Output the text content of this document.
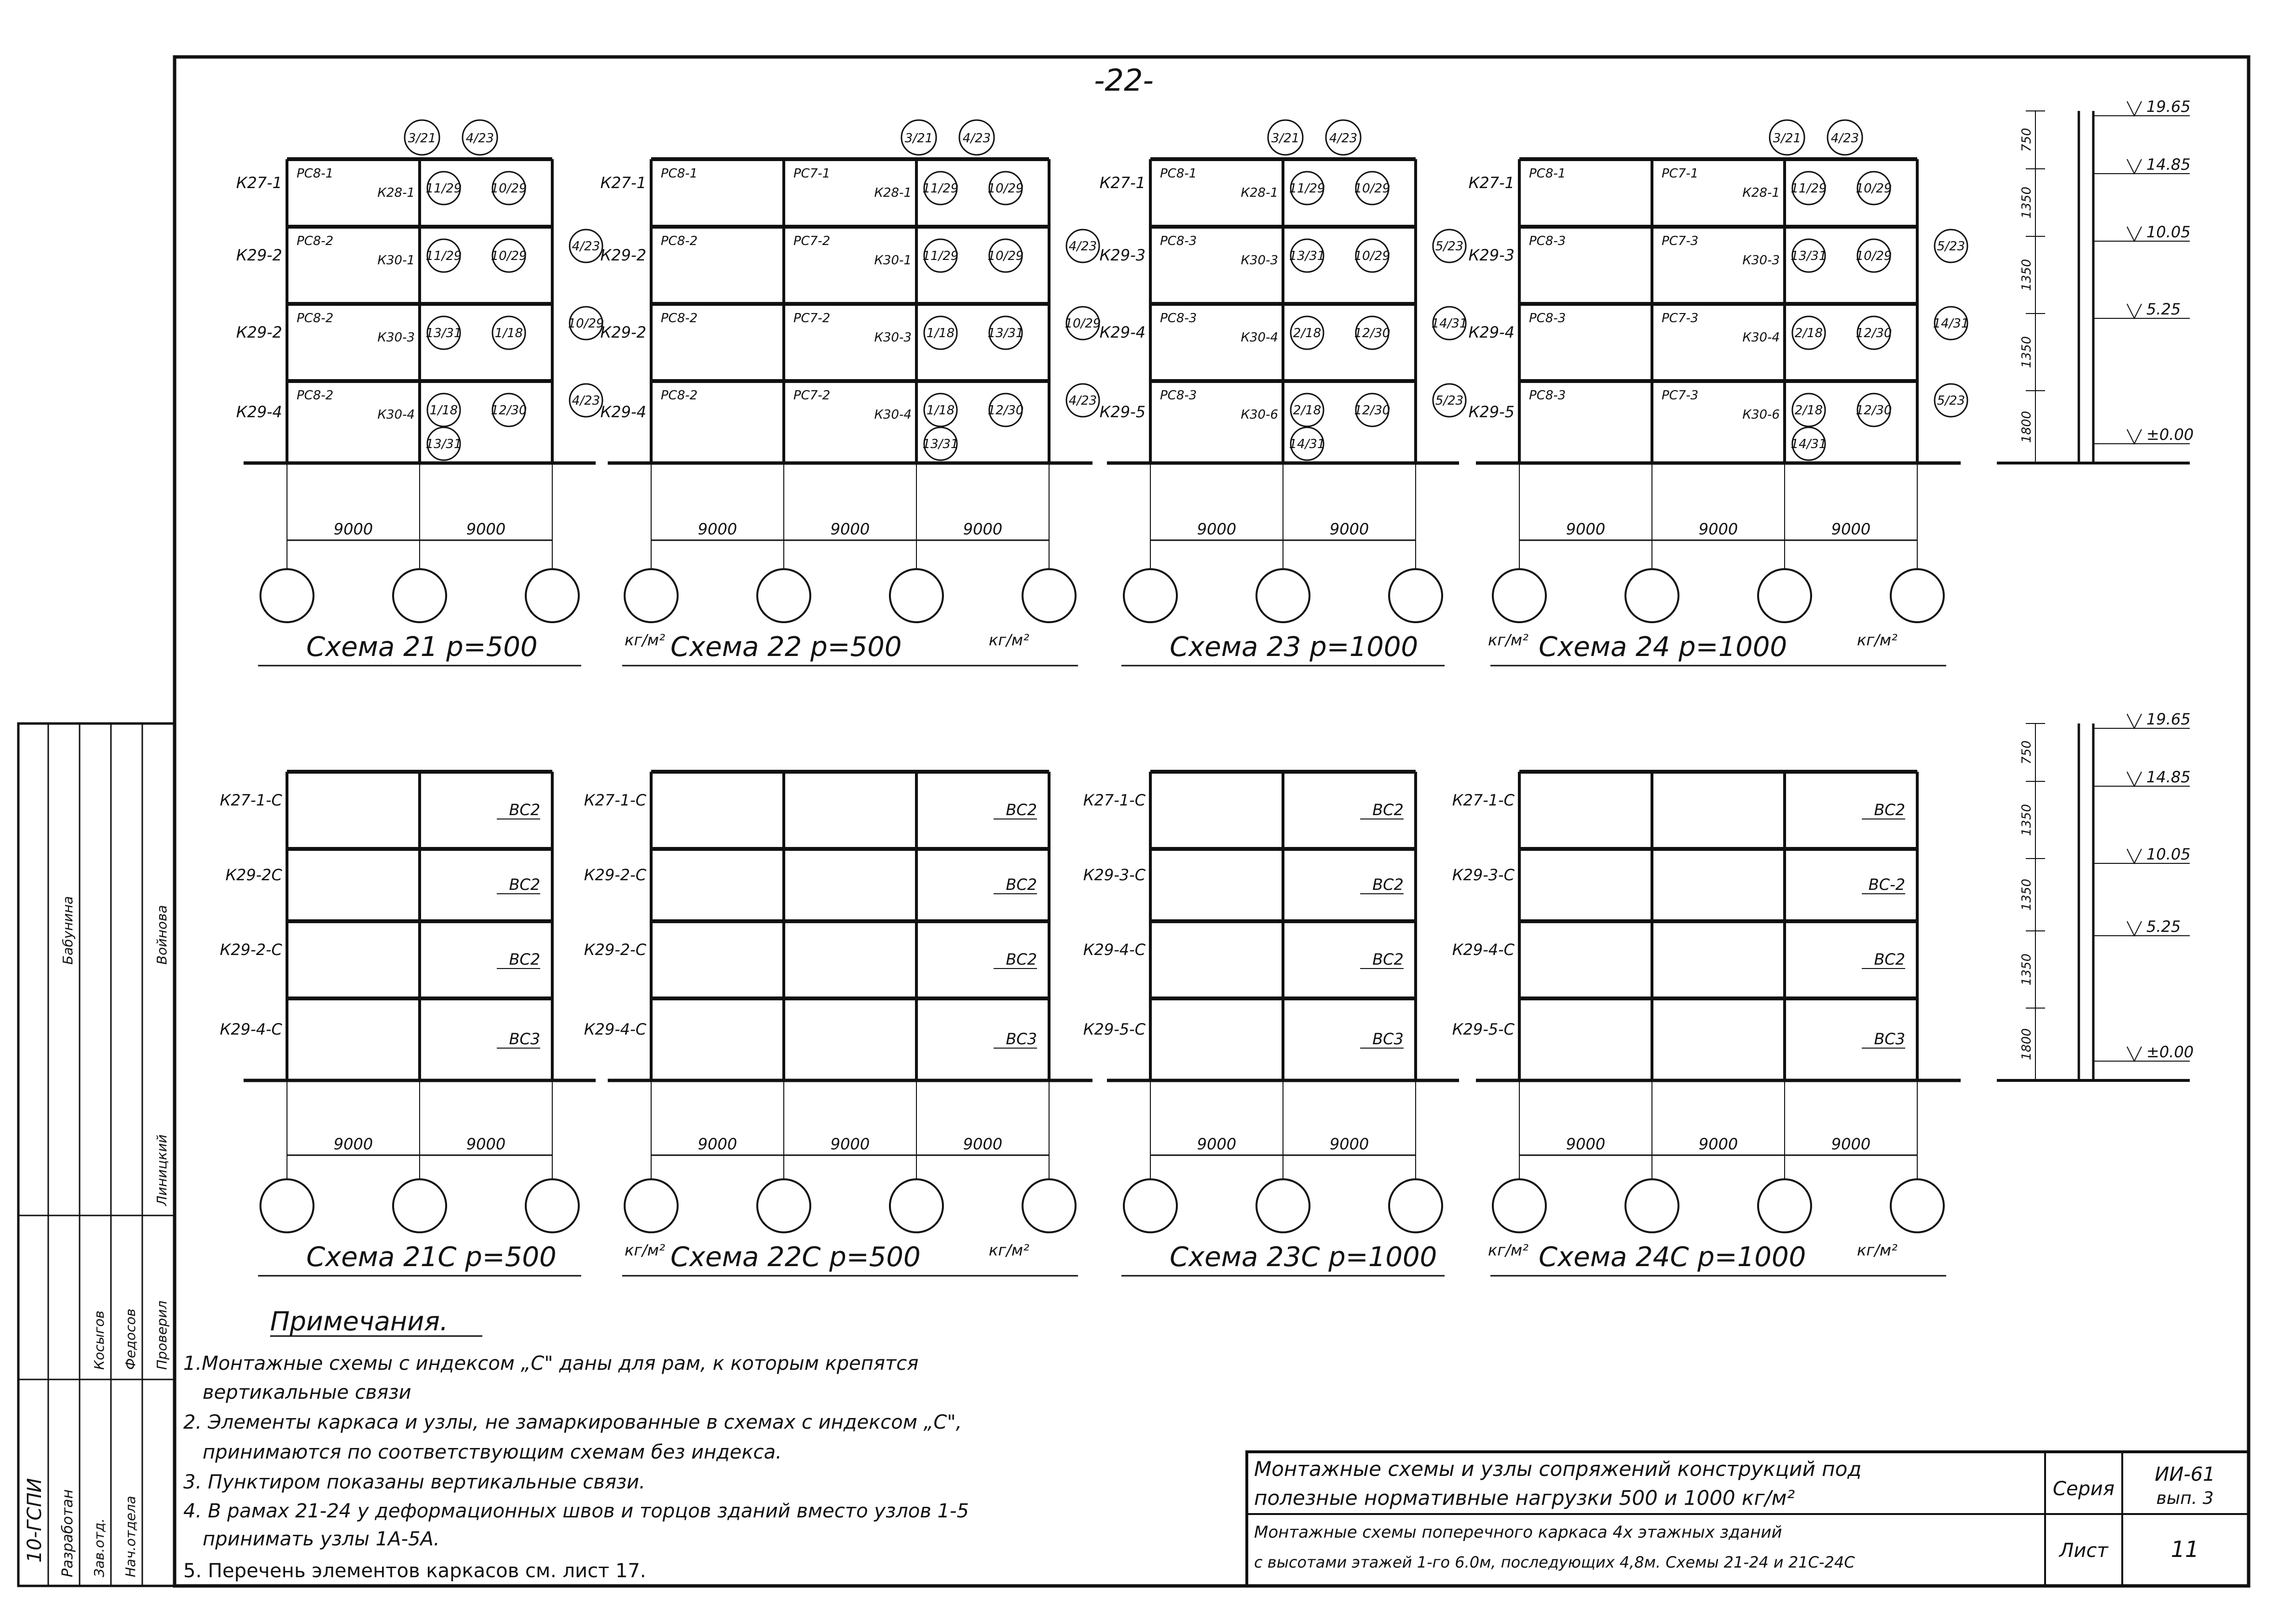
-22-
9000	9000
К27-1
К29-2
К29-2
К29-4
РС8-1
К28-1
РС8-2
К30-1
РС8-2
К30-3
РС8-2
К30-4
3/21 4/23
11/29 10/29
11/29 10/29
4/23
13/31	1/18
10/29
1/18	12/30
4/23
13/31
Схема 21 p=500	кг/м²
9000	9000	9000
К27-1
К29-2
К29-2
К29-4
РС8-1	РС7-1
К28-1
РС8-2	РС7-2
К30-1
РС8-2	РС7-2
К30-3
РС8-2	РС7-2
К30-4
3/21 4/23
11/29 10/29
11/29 10/29
4/23
1/18	13/31
10/29
1/18	12/30
4/23
13/31
Схема 22 p=500	кг/м²
9000	9000
К27-1
К29-3
К29-4
К29-5
РС8-1
К28-1
РС8-3
К30-3
РС8-3
К30-4
РС8-3
К30-6
3/21 4/23
11/29 10/29
13/31 10/29
5/23
2/18	12/30
14/31
2/18	12/30
5/23
14/31
Схема 23 p=1000	кг/м²
9000	9000	9000
К27-1
К29-3
К29-4
К29-5
РС8-1	РС7-1
К28-1
РС8-3	РС7-3
К30-3
РС8-3	РС7-3
К30-4
РС8-3	РС7-3
К30-6
3/21 4/23
11/29 10/29
13/31 10/29
5/23
2/18	12/30
14/31
2/18	12/30
5/23
14/31
Схема 24 p=1000	кг/м²
9000	9000
К27-1-С
К29-2С
К29-2-С
К29-4-С
ВС2
ВС2
ВС2
ВС3
Схема 21С p=500	кг/м²
9000	9000	9000
К27-1-С
К29-2-С
К29-2-С
К29-4-С
ВС2
ВС2
ВС2
ВС3
Схема 22С p=500	кг/м²
9000	9000
К27-1-С
К29-3-С
К29-4-С
К29-5-С
ВС2
ВС2
ВС2
ВС3
Схема 23С p=1000	кг/м²
9000	9000	9000
К27-1-С
К29-3-С
К29-4-С
К29-5-С
ВС2
ВС-2
ВС2
ВС3
Схема 24С p=1000	кг/м²
750
1350
1350
1350
1800
19.65
14.85
10.05
5.25
±0.00
750
1350
1350
1350
1800
19.65
14.85
10.05
5.25
±0.00
Примечания.
1.Монтажные схемы с индексом „С" даны для рам, к которым крепятся
вертикальные связи
2. Элементы каркаса и узлы, не замаркированные в схемах с индексом „С",
принимаются по соответствующим схемам без индекса.
3. Пунктиром показаны вертикальные связи.
4. В рамах 21-24 у деформационных швов и торцов зданий вместо узлов 1-5
принимать узлы 1А-5А.
5. Перечень элементов каркасов см. лист 17.
Монтажные схемы и узлы сопряжений конструкций под
полезные нормативные нагрузки 500 и 1000 кг/м²
Монтажные схемы поперечного каркаса 4х этажных зданий
с высотами этажей 1-го 6.0м, последующих 4,8м. Схемы 21-24 и 21С-24С
Серия
ИИ-61
вып. 3
Лист	11
10-ГСПИ Разработан Зав.отд. Нач.отдела
Проверил
Косыгов Федосов
Линицкий
Бабунина	Войнова
